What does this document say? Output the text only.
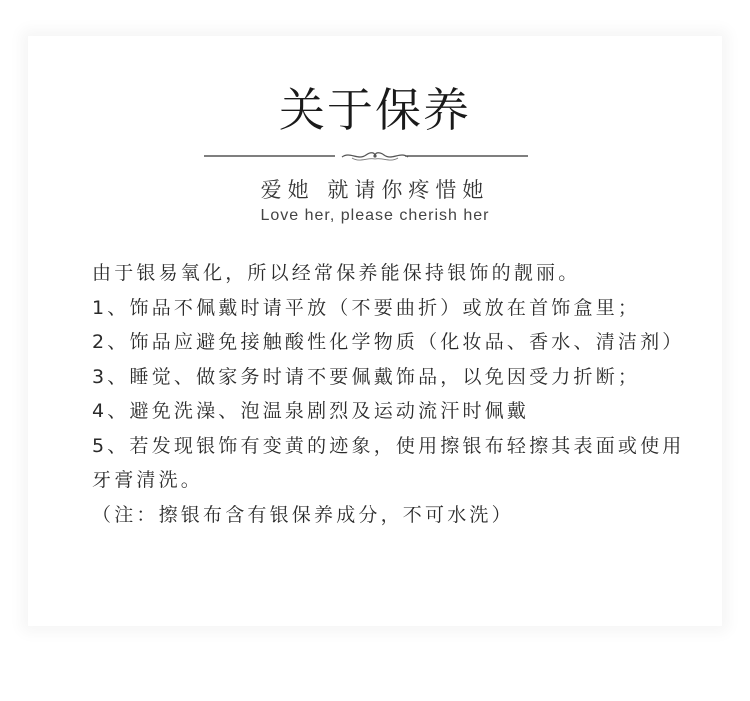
关于保养
爱她 就请你疼惜她
Love her, please cherish her

由于银易氧化，所以经常保养能保持银饰的靓丽。

1、饰品不佩戴时请平放（不要曲折）或放在首饰盒里；

2、饰品应避免接触酸性化学物质（化妆品、香水、清洁剂）

3、睡觉、做家务时请不要佩戴饰品，以免因受力折断；

4、避免洗澡、泡温泉剧烈及运动流汗时佩戴

5、若发现银饰有变黄的迹象，使用擦银布轻擦其表面或使用牙膏清洗。

（注：擦银布含有银保养成分，不可水洗）
